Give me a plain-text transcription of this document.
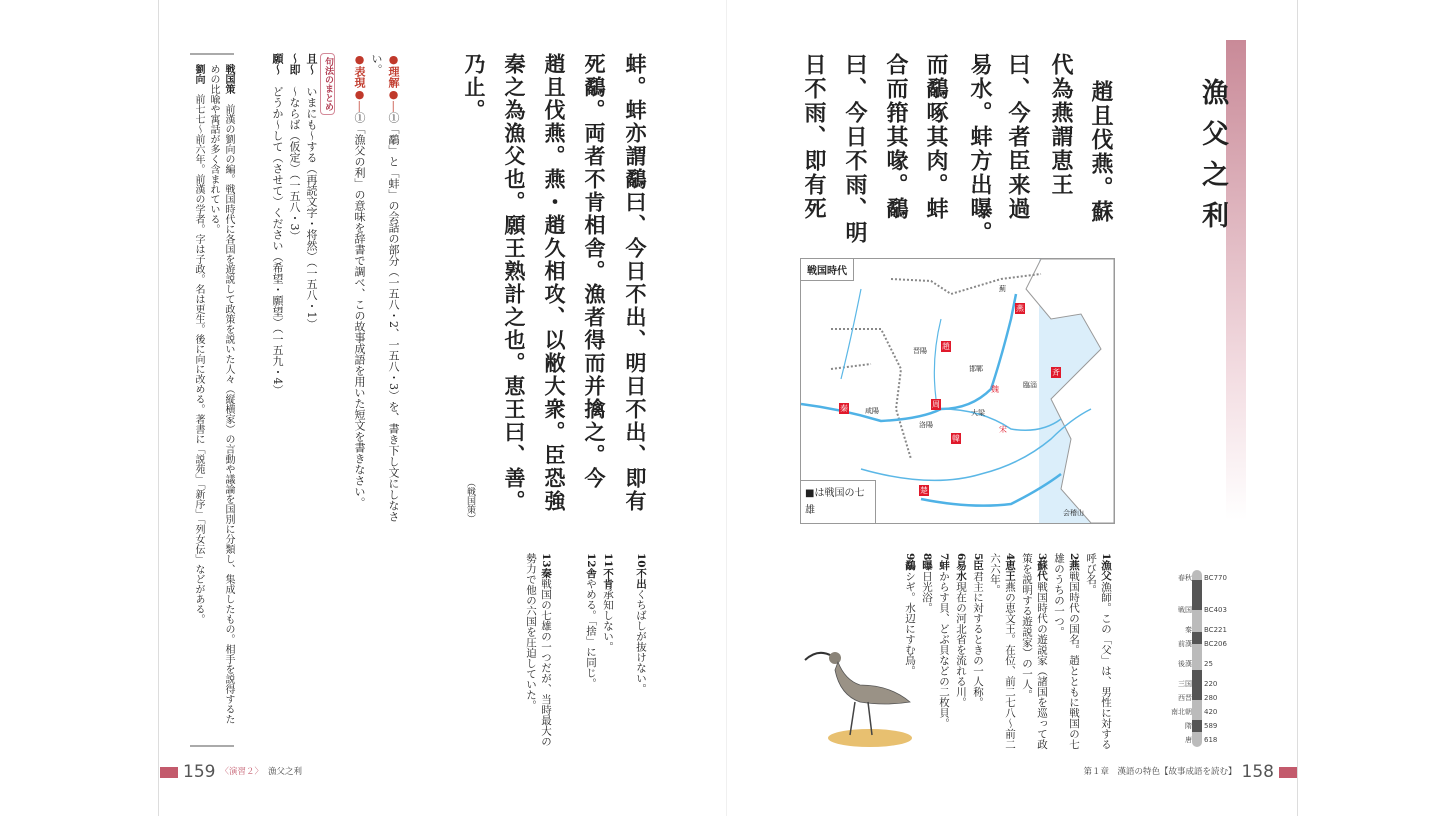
漁父之利
趙且伐燕。蘇
代為燕謂恵王
曰、今者臣来過
易水。蚌方出曝。
而鷸啄其肉。蚌
合而箝其喙。鷸
曰、今日不雨、明
日不雨、即有死
戦国時代
■は戦国の七雄
燕
趙
斉
秦
魏
韓
楚
周
宋
薊
晋陽
邯鄲
咸陽
臨淄
大梁
洛陽
会稽山

1漁父漁師。この「父」は、男性に対する呼び名。

2燕戦国時代の国名。趙とともに戦国の七雄のうちの一つ。

3蘇代戦国時代の遊説家（諸国を巡って政策を説明する遊説家）の一人。

4恵王燕の恵文王。在位、前二七八〜前二六六年。

5臣君主に対するときの一人称。

6易水現在の河北省を流れる川。

7蚌からす貝、どぶ貝などの二枚貝。

8曝日光浴。

9鷸シギ。水辺にすむ鳥。	春秋 BC770
戦国 BC403
秦 BC221
前漢 BC206
後漢 25
三国 220
西晋 280
南北朝 420
隋 589
唐 618
第１章　漢語の特色【故事成語を読む】 158
蚌。蚌亦謂鷸曰、今日不出、明日不出、即有
死鷸。両者不肯相舎。漁者得而并擒之。今
趙且伐燕。燕・趙久相攻、以敝大衆。臣恐強
秦之為漁父也。願王熟計之也。恵王曰、善。
乃止。
（戦国策）

10不出くちばしが抜けない。

11不肯承知しない。

12舎やめる。「捨」に同じ。

13秦戦国の七雄の一つだが、当時最大の勢力で他の六国を圧迫していた。

●理解●―①「鷸」と「蚌」の会話の部分（一五八・2、一五八・3）を、書き下し文にしなさい。

●表現●―①「漁父の利」の意味を辞書で調べ、この故事成語を用いた短文を書きなさい。

句法のまとめ

且〜　いまにも〜する（再読文字・将然）（一五八・1）

〜即　〜ならば（仮定）（一五八・3）

願〜　どうか〜して（させて）ください（希望・願望）（一五九・4）

戦国策　前漢の劉向の編。戦国時代に各国を遊説して政策を説いた人々（縦横家）の言動や議論を国別に分類し、集成したもの。相手を説得するための比喩や寓話が多く含まれている。

劉向　前七七〜前六年。前漢の学者。字は子政。名は更生。後に向に改める。著書に「説苑」「新序」「列女伝」などがある。

159 〈演習２〉 漁父之利
